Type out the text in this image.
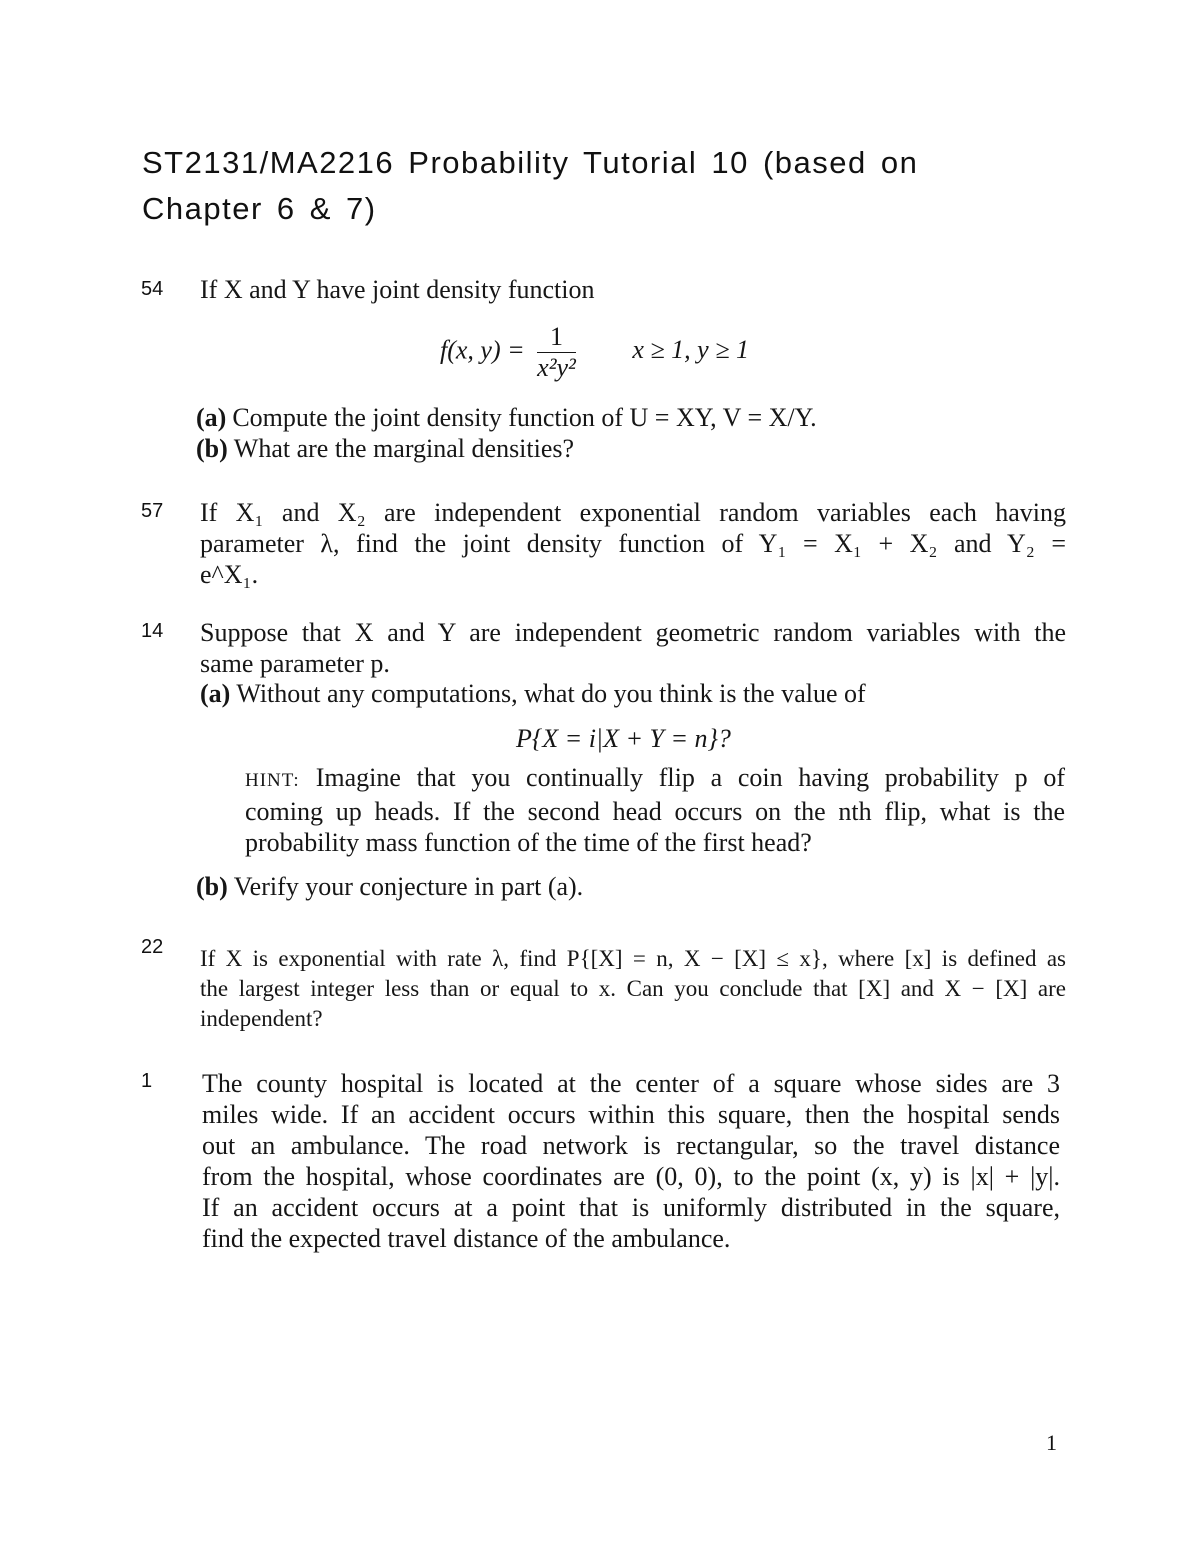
ST2131/MA2216 Probability Tutorial 10 (based on
Chapter 6 & 7)
54 If X and Y have joint density function
f(x, $y) = \frac{1}{\text{x²y²}}$ x ≥ 1, y ≥ 1
(a) Compute the joint density function of U = XY, V = X/Y.
(b) What are the marginal densities?
57 If X₁ and X₂ are independent exponential random variables each having
parameter λ, find the joint density function of Y₁ = X₁ + X₂ and Y₂ =
e^X₁.
14 Suppose that X and Y are independent geometric random variables with the
same parameter p.
(a) Without any computations, what do you think is the value of
P{X = i|X + Y = n}?
HINT: Imagine that you continually flip a coin having probability p of
coming up heads. If the second head occurs on the nth flip, what is the
probability mass function of the time of the first head?
(b) Verify your conjecture in part (a).
22 If X is exponential with rate λ, find P{[X] = n, X − [X] ≤ x}, where [x] is defined as
the largest integer less than or equal to x. Can you conclude that [X] and X − [X] are
independent?
1 The county hospital is located at the center of a square whose sides are 3
miles wide. If an accident occurs within this square, then the hospital sends
out an ambulance. The road network is rectangular, so the travel distance
from the hospital, whose coordinates are (0, 0), to the point (x, y) is |x| + |y|.
If an accident occurs at a point that is uniformly distributed in the square,
find the expected travel distance of the ambulance.
1
